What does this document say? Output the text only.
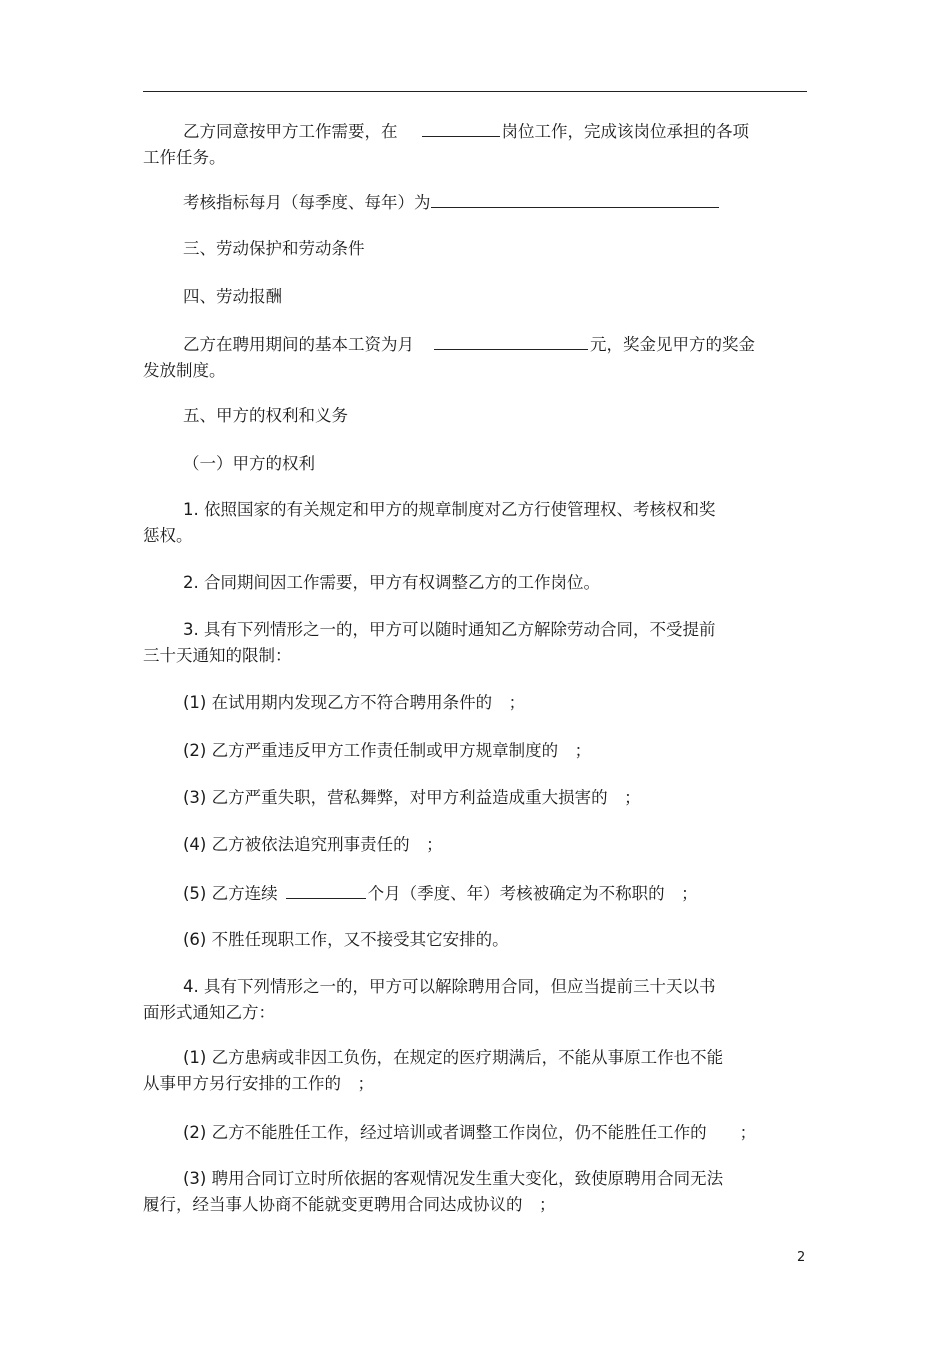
乙方同意按甲方工作需要，在	岗位工作，完成该岗位承担的各项
工作任务。
考核指标每月（每季度、每年）为
三、劳动保护和劳动条件
四、劳动报酬
乙方在聘用期间的基本工资为月	元，奖金见甲方的奖金
发放制度。
五、甲方的权利和义务
（一）甲方的权利
1. 依照国家的有关规定和甲方的规章制度对乙方行使管理权、考核权和奖
惩权。
2. 合同期间因工作需要，甲方有权调整乙方的工作岗位。
3. 具有下列情形之一的，甲方可以随时通知乙方解除劳动合同，不受提前
三十天通知的限制：
(1) 在试用期内发现乙方不符合聘用条件的　；
(2) 乙方严重违反甲方工作责任制或甲方规章制度的　；
(3) 乙方严重失职，营私舞弊，对甲方利益造成重大损害的　；
(4) 乙方被依法追究刑事责任的　；
(5) 乙方连续	个月（季度、年）考核被确定为不称职的　；
(6) 不胜任现职工作，又不接受其它安排的。
4. 具有下列情形之一的，甲方可以解除聘用合同，但应当提前三十天以书
面形式通知乙方：
(1) 乙方患病或非因工负伤，在规定的医疗期满后，不能从事原工作也不能
从事甲方另行安排的工作的　；
(2) 乙方不能胜任工作，经过培训或者调整工作岗位，仍不能胜任工作的　　；
(3) 聘用合同订立时所依据的客观情况发生重大变化，致使原聘用合同无法
履行，经当事人协商不能就变更聘用合同达成协议的　；
2
